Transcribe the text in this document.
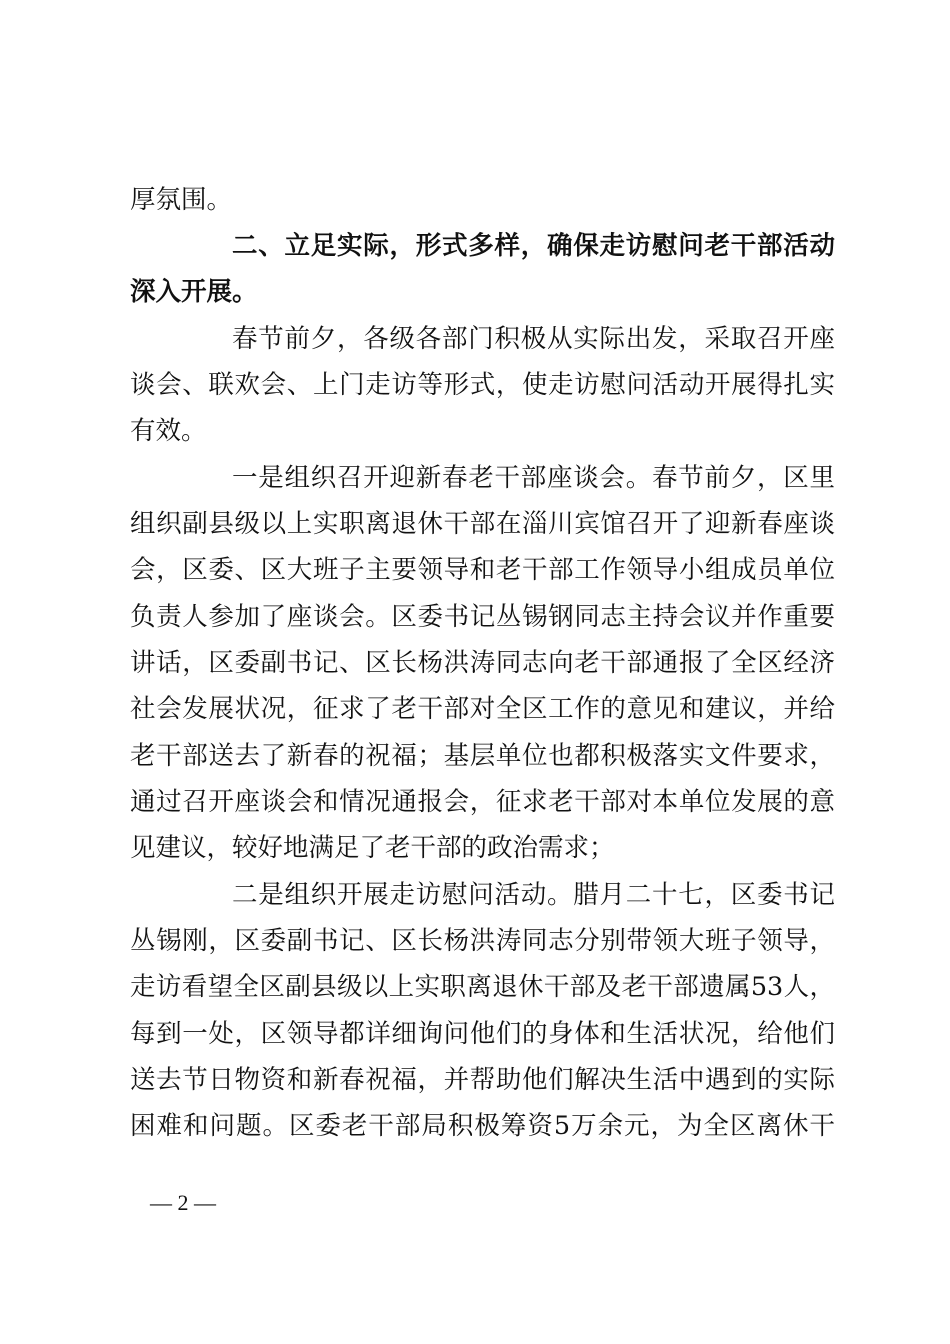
厚氛围。
二、立足实际，形式多样，确保走访慰问老干部活动
深入开展。
春节前夕，各级各部门积极从实际出发，采取召开座
谈会、联欢会、上门走访等形式，使走访慰问活动开展得扎实
有效。
一是组织召开迎新春老干部座谈会。春节前夕，区里
组织副县级以上实职离退休干部在淄川宾馆召开了迎新春座谈
会，区委、区大班子主要领导和老干部工作领导小组成员单位
负责人参加了座谈会。区委书记丛锡钢同志主持会议并作重要
讲话，区委副书记、区长杨洪涛同志向老干部通报了全区经济
社会发展状况，征求了老干部对全区工作的意见和建议，并给
老干部送去了新春的祝福；基层单位也都积极落实文件要求，
通过召开座谈会和情况通报会，征求老干部对本单位发展的意
见建议，较好地满足了老干部的政治需求；
二是组织开展走访慰问活动。腊月二十七，区委书记
丛锡刚，区委副书记、区长杨洪涛同志分别带领大班子领导，
走访看望全区副县级以上实职离退休干部及老干部遗属53人，
每到一处，区领导都详细询问他们的身体和生活状况，给他们
送去节日物资和新春祝福，并帮助他们解决生活中遇到的实际
困难和问题。区委老干部局积极筹资5万余元，为全区离休干
— 2 —
